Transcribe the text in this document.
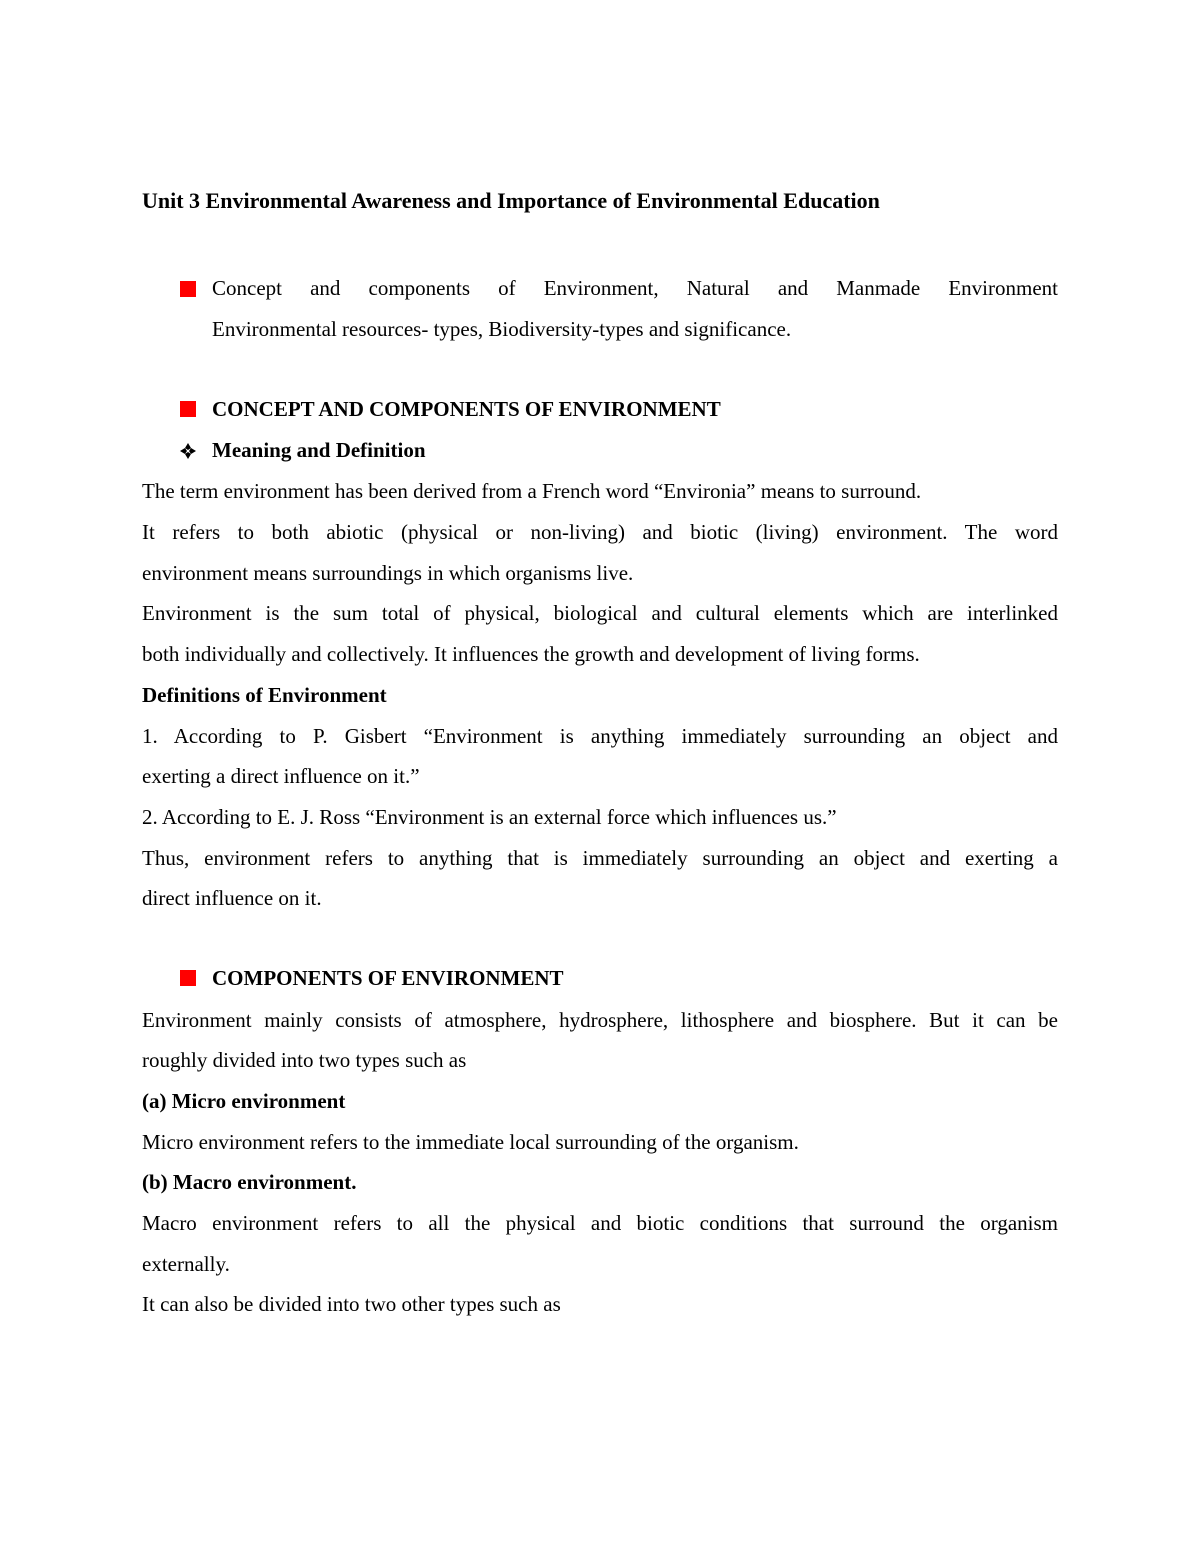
Unit 3 Environmental Awareness and Importance of Environmental Education
Concept and components of Environment, Natural and Manmade Environment
Environmental resources- types, Biodiversity-types and significance.
CONCEPT AND COMPONENTS OF ENVIRONMENT
Meaning and Definition
The term environment has been derived from a French word “Environia” means to surround.
It refers to both abiotic (physical or non-living) and biotic (living) environment. The word
environment means surroundings in which organisms live.
Environment is the sum total of physical, biological and cultural elements which are interlinked
both individually and collectively. It influences the growth and development of living forms.
Definitions of Environment
1. According to P. Gisbert “Environment is anything immediately surrounding an object and
exerting a direct influence on it.”
2. According to E. J. Ross “Environment is an external force which influences us.”
Thus, environment refers to anything that is immediately surrounding an object and exerting a
direct influence on it.
COMPONENTS OF ENVIRONMENT
Environment mainly consists of atmosphere, hydrosphere, lithosphere and biosphere. But it can be
roughly divided into two types such as
(a) Micro environment
Micro environment refers to the immediate local surrounding of the organism.
(b) Macro environment.
Macro environment refers to all the physical and biotic conditions that surround the organism
externally.
It can also be divided into two other types such as
